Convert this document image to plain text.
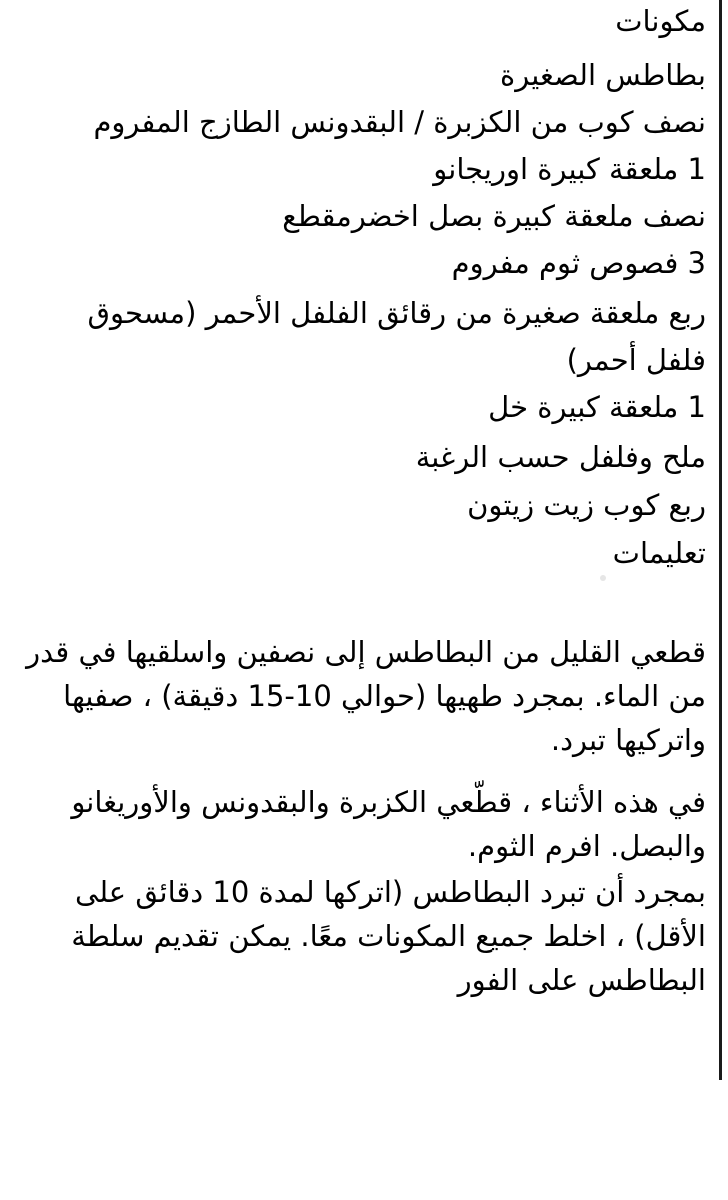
مكونات
بطاطس الصغيرة
نصف كوب من الكزبرة / البقدونس الطازج المفروم
1 ملعقة كبيرة اوريجانو
نصف ملعقة كبيرة بصل اخضرمقطع
3 فصوص ثوم مفروم
ربع ملعقة صغيرة من رقائق الفلفل الأحمر (مسحوق
فلفل أحمر)
1 ملعقة كبيرة خل
ملح وفلفل حسب الرغبة
ربع كوب زيت زيتون
تعليمات
قطعي القليل من البطاطس إلى نصفين واسلقيها في قدر من الماء. بمجرد طهيها (حوالي 10-15 دقيقة) ، صفيها واتركيها تبرد.
في هذه الأثناء ، قطّعي الكزبرة والبقدونس والأوريغانو والبصل. افرم الثوم.
بمجرد أن تبرد البطاطس (اتركها لمدة 10 دقائق على الأقل) ، اخلط جميع المكونات معًا. يمكن تقديم سلطة البطاطس على الفور
